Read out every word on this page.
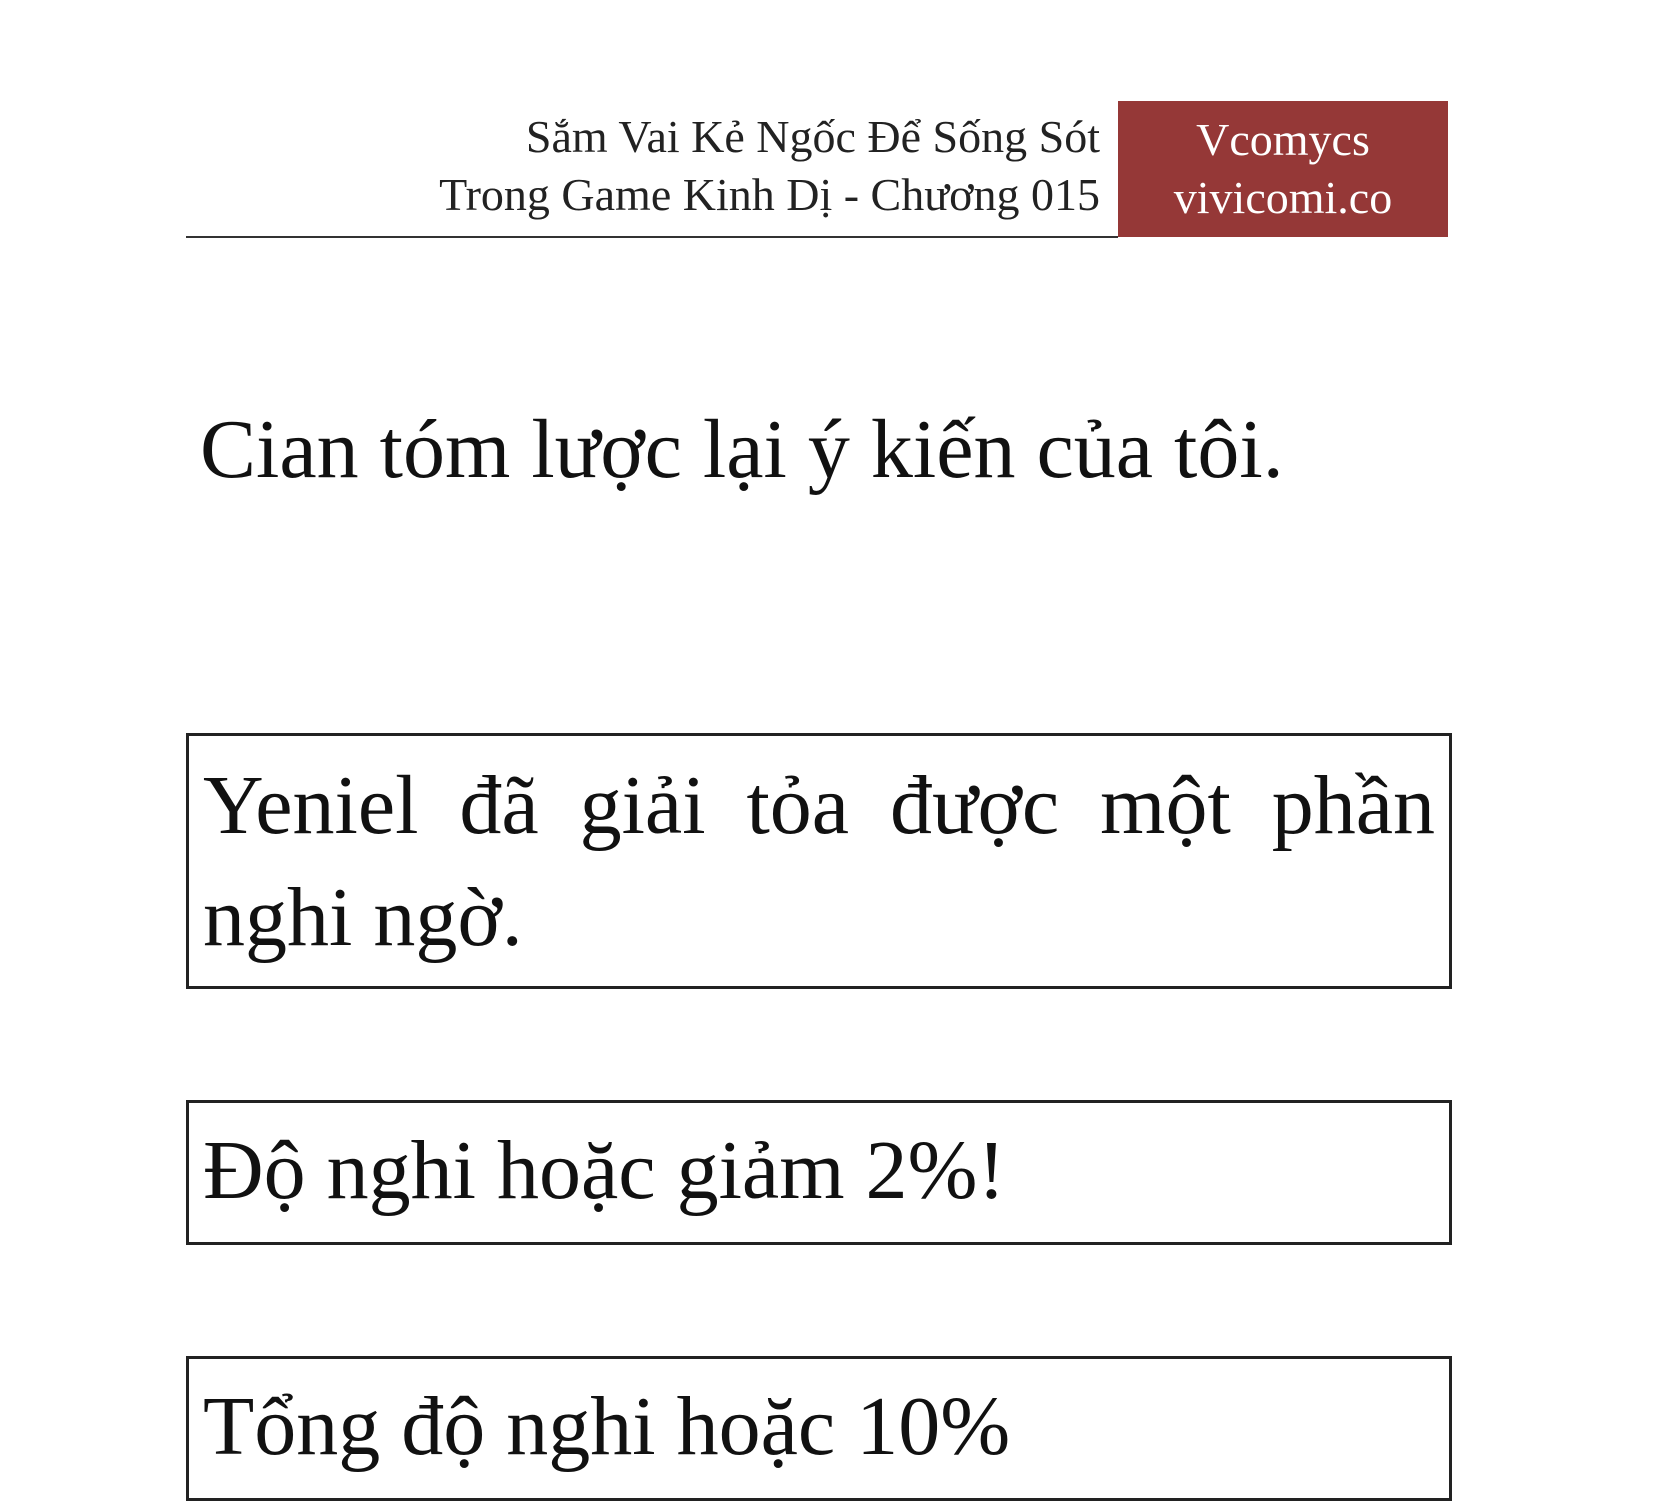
Sắm Vai Kẻ Ngốc Để Sống Sót
Trong Game Kinh Dị - Chương 015
Vcomycs
vivicomi.co
Cian tóm lược lại ý kiến của tôi.
Yeniel đã giải tỏa được một phần nghi ngờ.
Độ nghi hoặc giảm 2%!
Tổng độ nghi hoặc 10%
